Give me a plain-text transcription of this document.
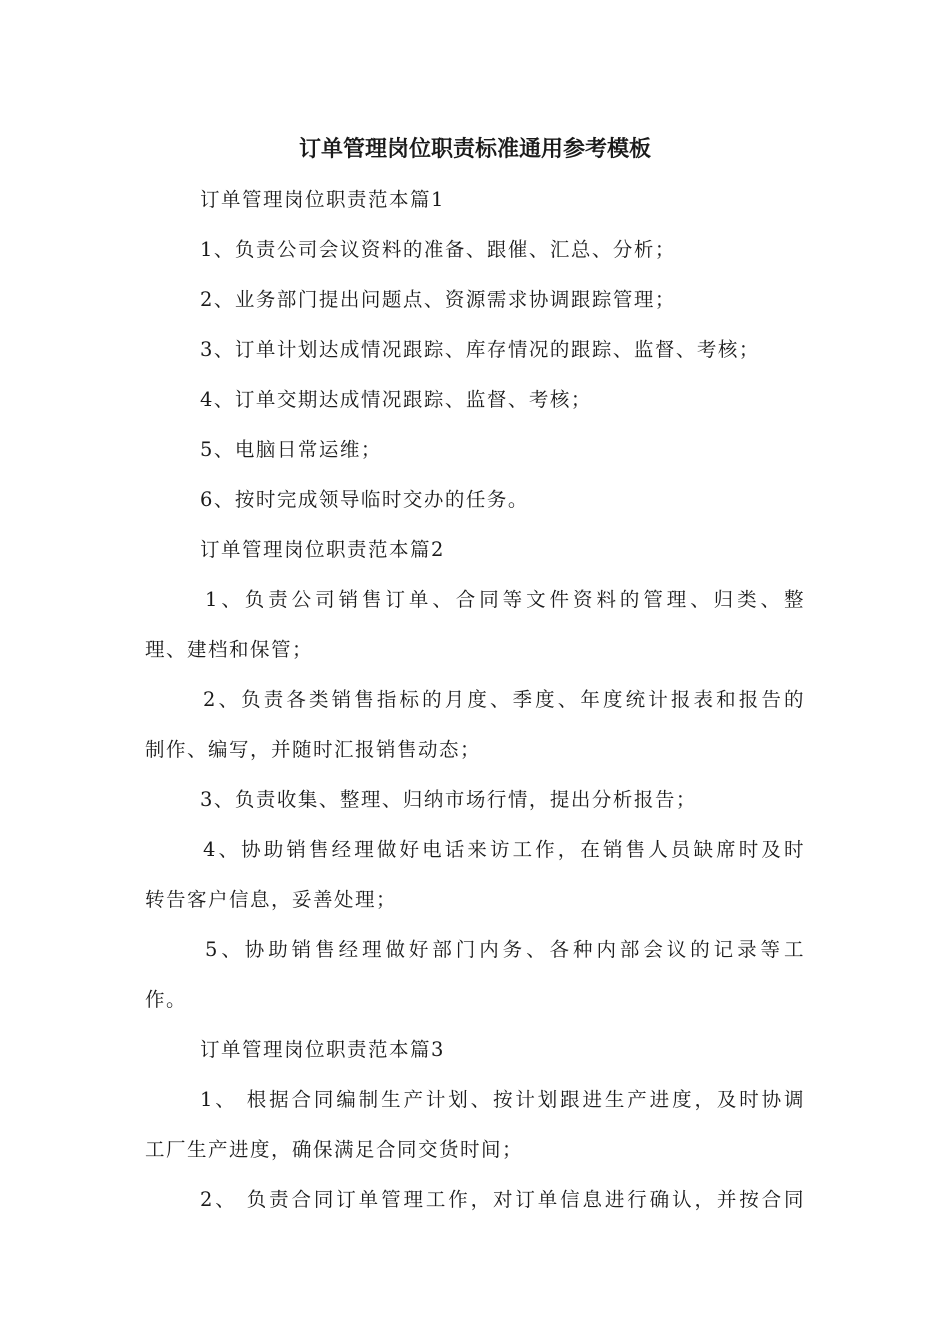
订单管理岗位职责标准通用参考模板
订单管理岗位职责范本篇1
1、负责公司会议资料的准备、跟催、汇总、分析；
2、业务部门提出问题点、资源需求协调跟踪管理；
3、订单计划达成情况跟踪、库存情况的跟踪、监督、考核；
4、订单交期达成情况跟踪、监督、考核；
5、电脑日常运维；
6、按时完成领导临时交办的任务。
订单管理岗位职责范本篇2
1、负责公司销售订单、合同等文件资料的管理、归类、整
理、建档和保管；
2、负责各类销售指标的月度、季度、年度统计报表和报告的
制作、编写，并随时汇报销售动态；
3、负责收集、整理、归纳市场行情，提出分析报告；
4、协助销售经理做好电话来访工作，在销售人员缺席时及时
转告客户信息，妥善处理；
5、协助销售经理做好部门内务、各种内部会议的记录等工
作。
订单管理岗位职责范本篇3
1、 根据合同编制生产计划、按计划跟进生产进度，及时协调
工厂生产进度，确保满足合同交货时间；
2、 负责合同订单管理工作，对订单信息进行确认，并按合同
